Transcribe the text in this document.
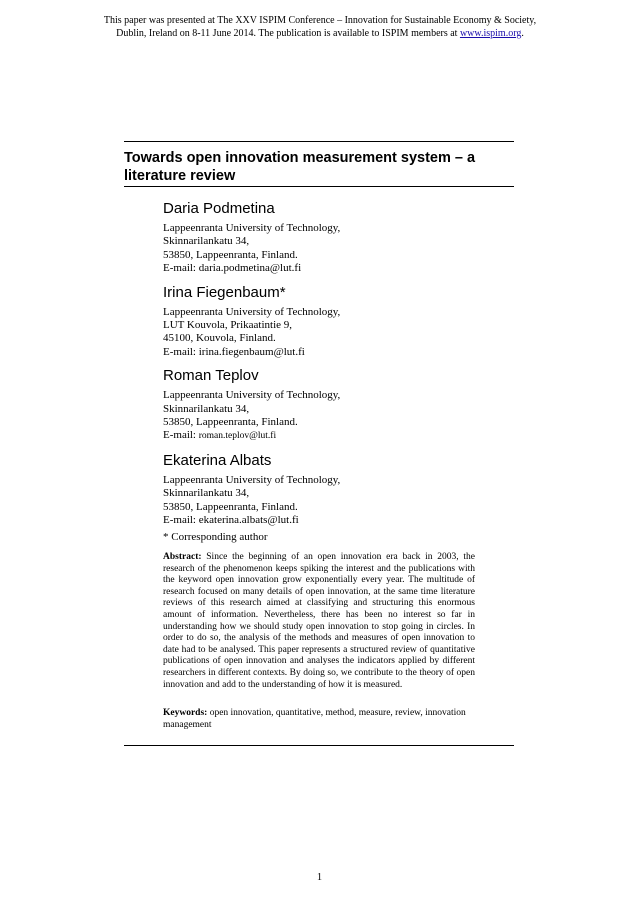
This paper was presented at The XXV ISPIM Conference – Innovation for Sustainable Economy & Society, Dublin, Ireland on 8-11 June 2014. The publication is available to ISPIM members at www.ispim.org.
Towards open innovation measurement system – a literature review
Daria Podmetina
Lappeenranta University of Technology,
Skinnarilankatu 34,
53850, Lappeenranta, Finland.
E-mail: daria.podmetina@lut.fi
Irina Fiegenbaum*
Lappeenranta University of Technology,
LUT Kouvola, Prikaatintie 9,
45100, Kouvola, Finland.
E-mail: irina.fiegenbaum@lut.fi
Roman Teplov
Lappeenranta University of Technology,
Skinnarilankatu 34,
53850, Lappeenranta, Finland.
E-mail: roman.teplov@lut.fi
Ekaterina Albats
Lappeenranta University of Technology,
Skinnarilankatu 34,
53850, Lappeenranta, Finland.
E-mail: ekaterina.albats@lut.fi
* Corresponding author
Abstract: Since the beginning of an open innovation era back in 2003, the research of the phenomenon keeps spiking the interest and the publications with the keyword open innovation grow exponentially every year. The multitude of research focused on many details of open innovation, at the same time literature reviews of this research aimed at classifying and structuring this enormous amount of information. Nevertheless, there has been no interest so far in understanding how we should study open innovation to stop going in circles. In order to do so, the analysis of the methods and measures of open innovation to date had to be analysed. This paper represents a structured review of quantitative publications of open innovation and analyses the indicators applied by different researchers in different contexts. By doing so, we contribute to the theory of open innovation and add to the understanding of how it is measured.
Keywords: open innovation, quantitative, method, measure, review, innovation management
1
